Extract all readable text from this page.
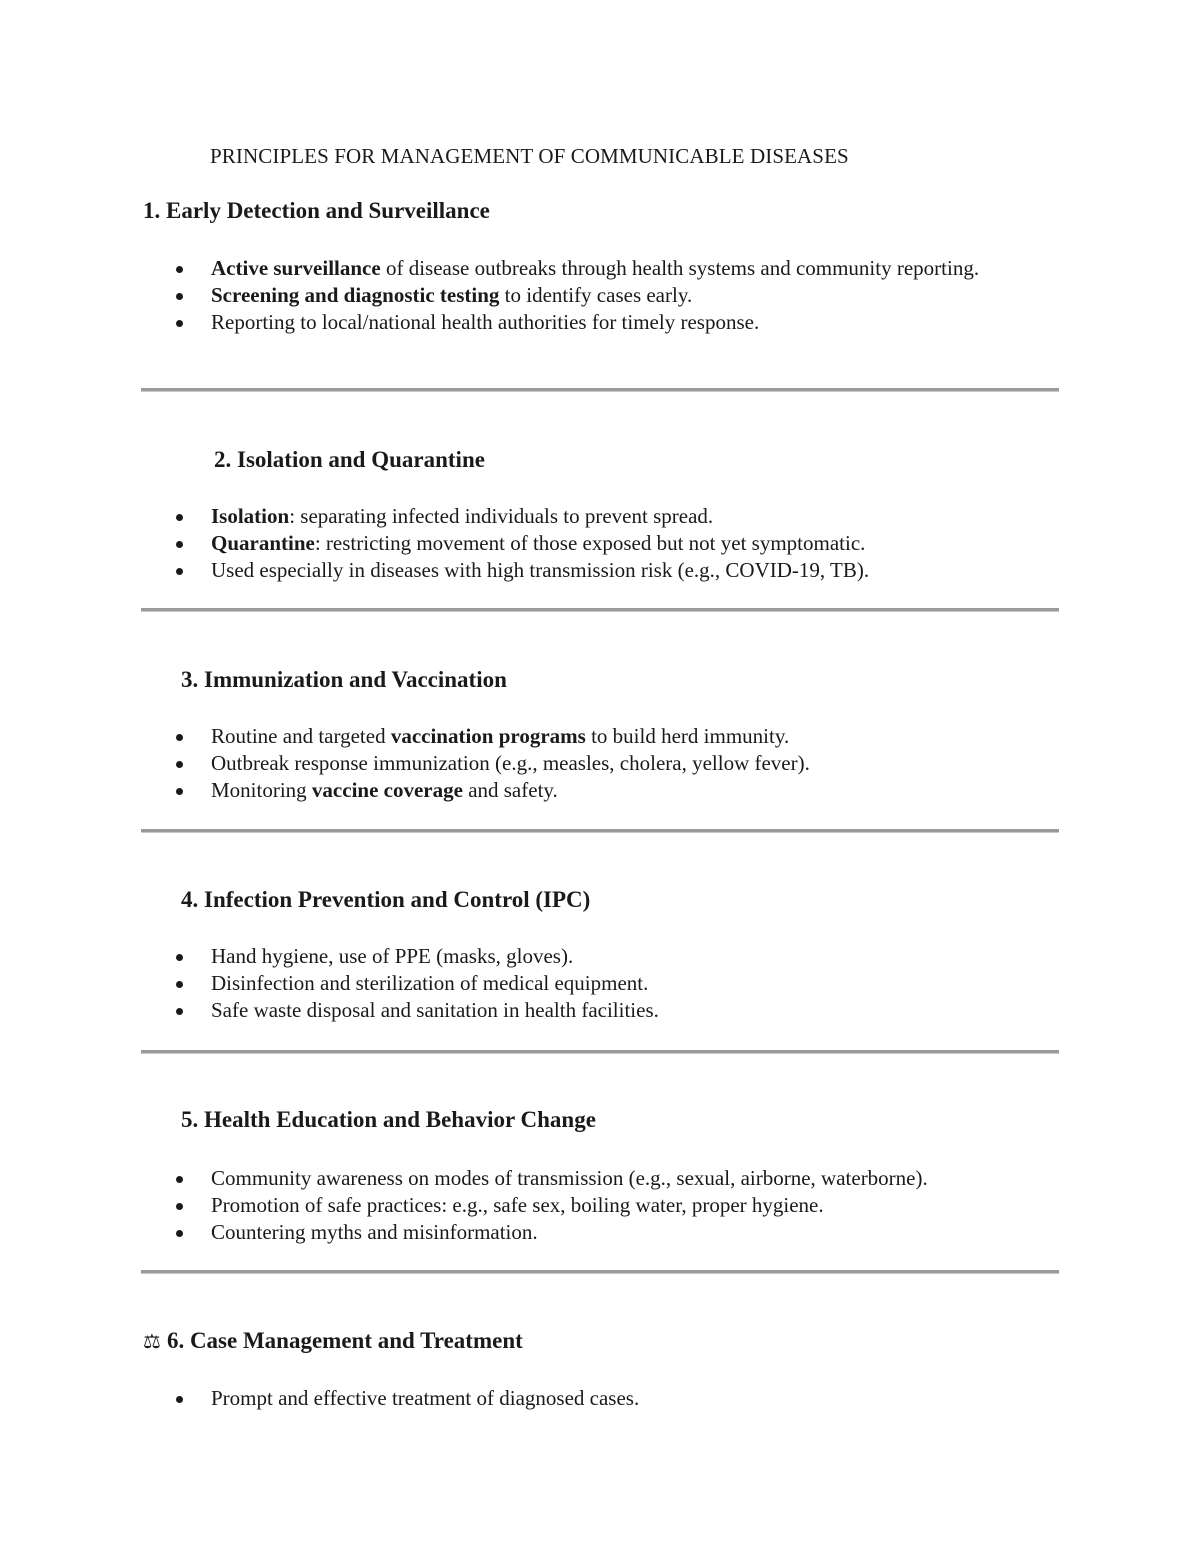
PRINCIPLES FOR MANAGEMENT OF COMMUNICABLE DISEASES
1. Early Detection and Surveillance
Active surveillance of disease outbreaks through health systems and community reporting.
Screening and diagnostic testing to identify cases early.
Reporting to local/national health authorities for timely response.
2. Isolation and Quarantine
Isolation: separating infected individuals to prevent spread.
Quarantine: restricting movement of those exposed but not yet symptomatic.
Used especially in diseases with high transmission risk (e.g., COVID-19, TB).
3. Immunization and Vaccination
Routine and targeted vaccination programs to build herd immunity.
Outbreak response immunization (e.g., measles, cholera, yellow fever).
Monitoring vaccine coverage and safety.
4. Infection Prevention and Control (IPC)
Hand hygiene, use of PPE (masks, gloves).
Disinfection and sterilization of medical equipment.
Safe waste disposal and sanitation in health facilities.
5. Health Education and Behavior Change
Community awareness on modes of transmission (e.g., sexual, airborne, waterborne).
Promotion of safe practices: e.g., safe sex, boiling water, proper hygiene.
Countering myths and misinformation.
⚖ 6. Case Management and Treatment
Prompt and effective treatment of diagnosed cases.
